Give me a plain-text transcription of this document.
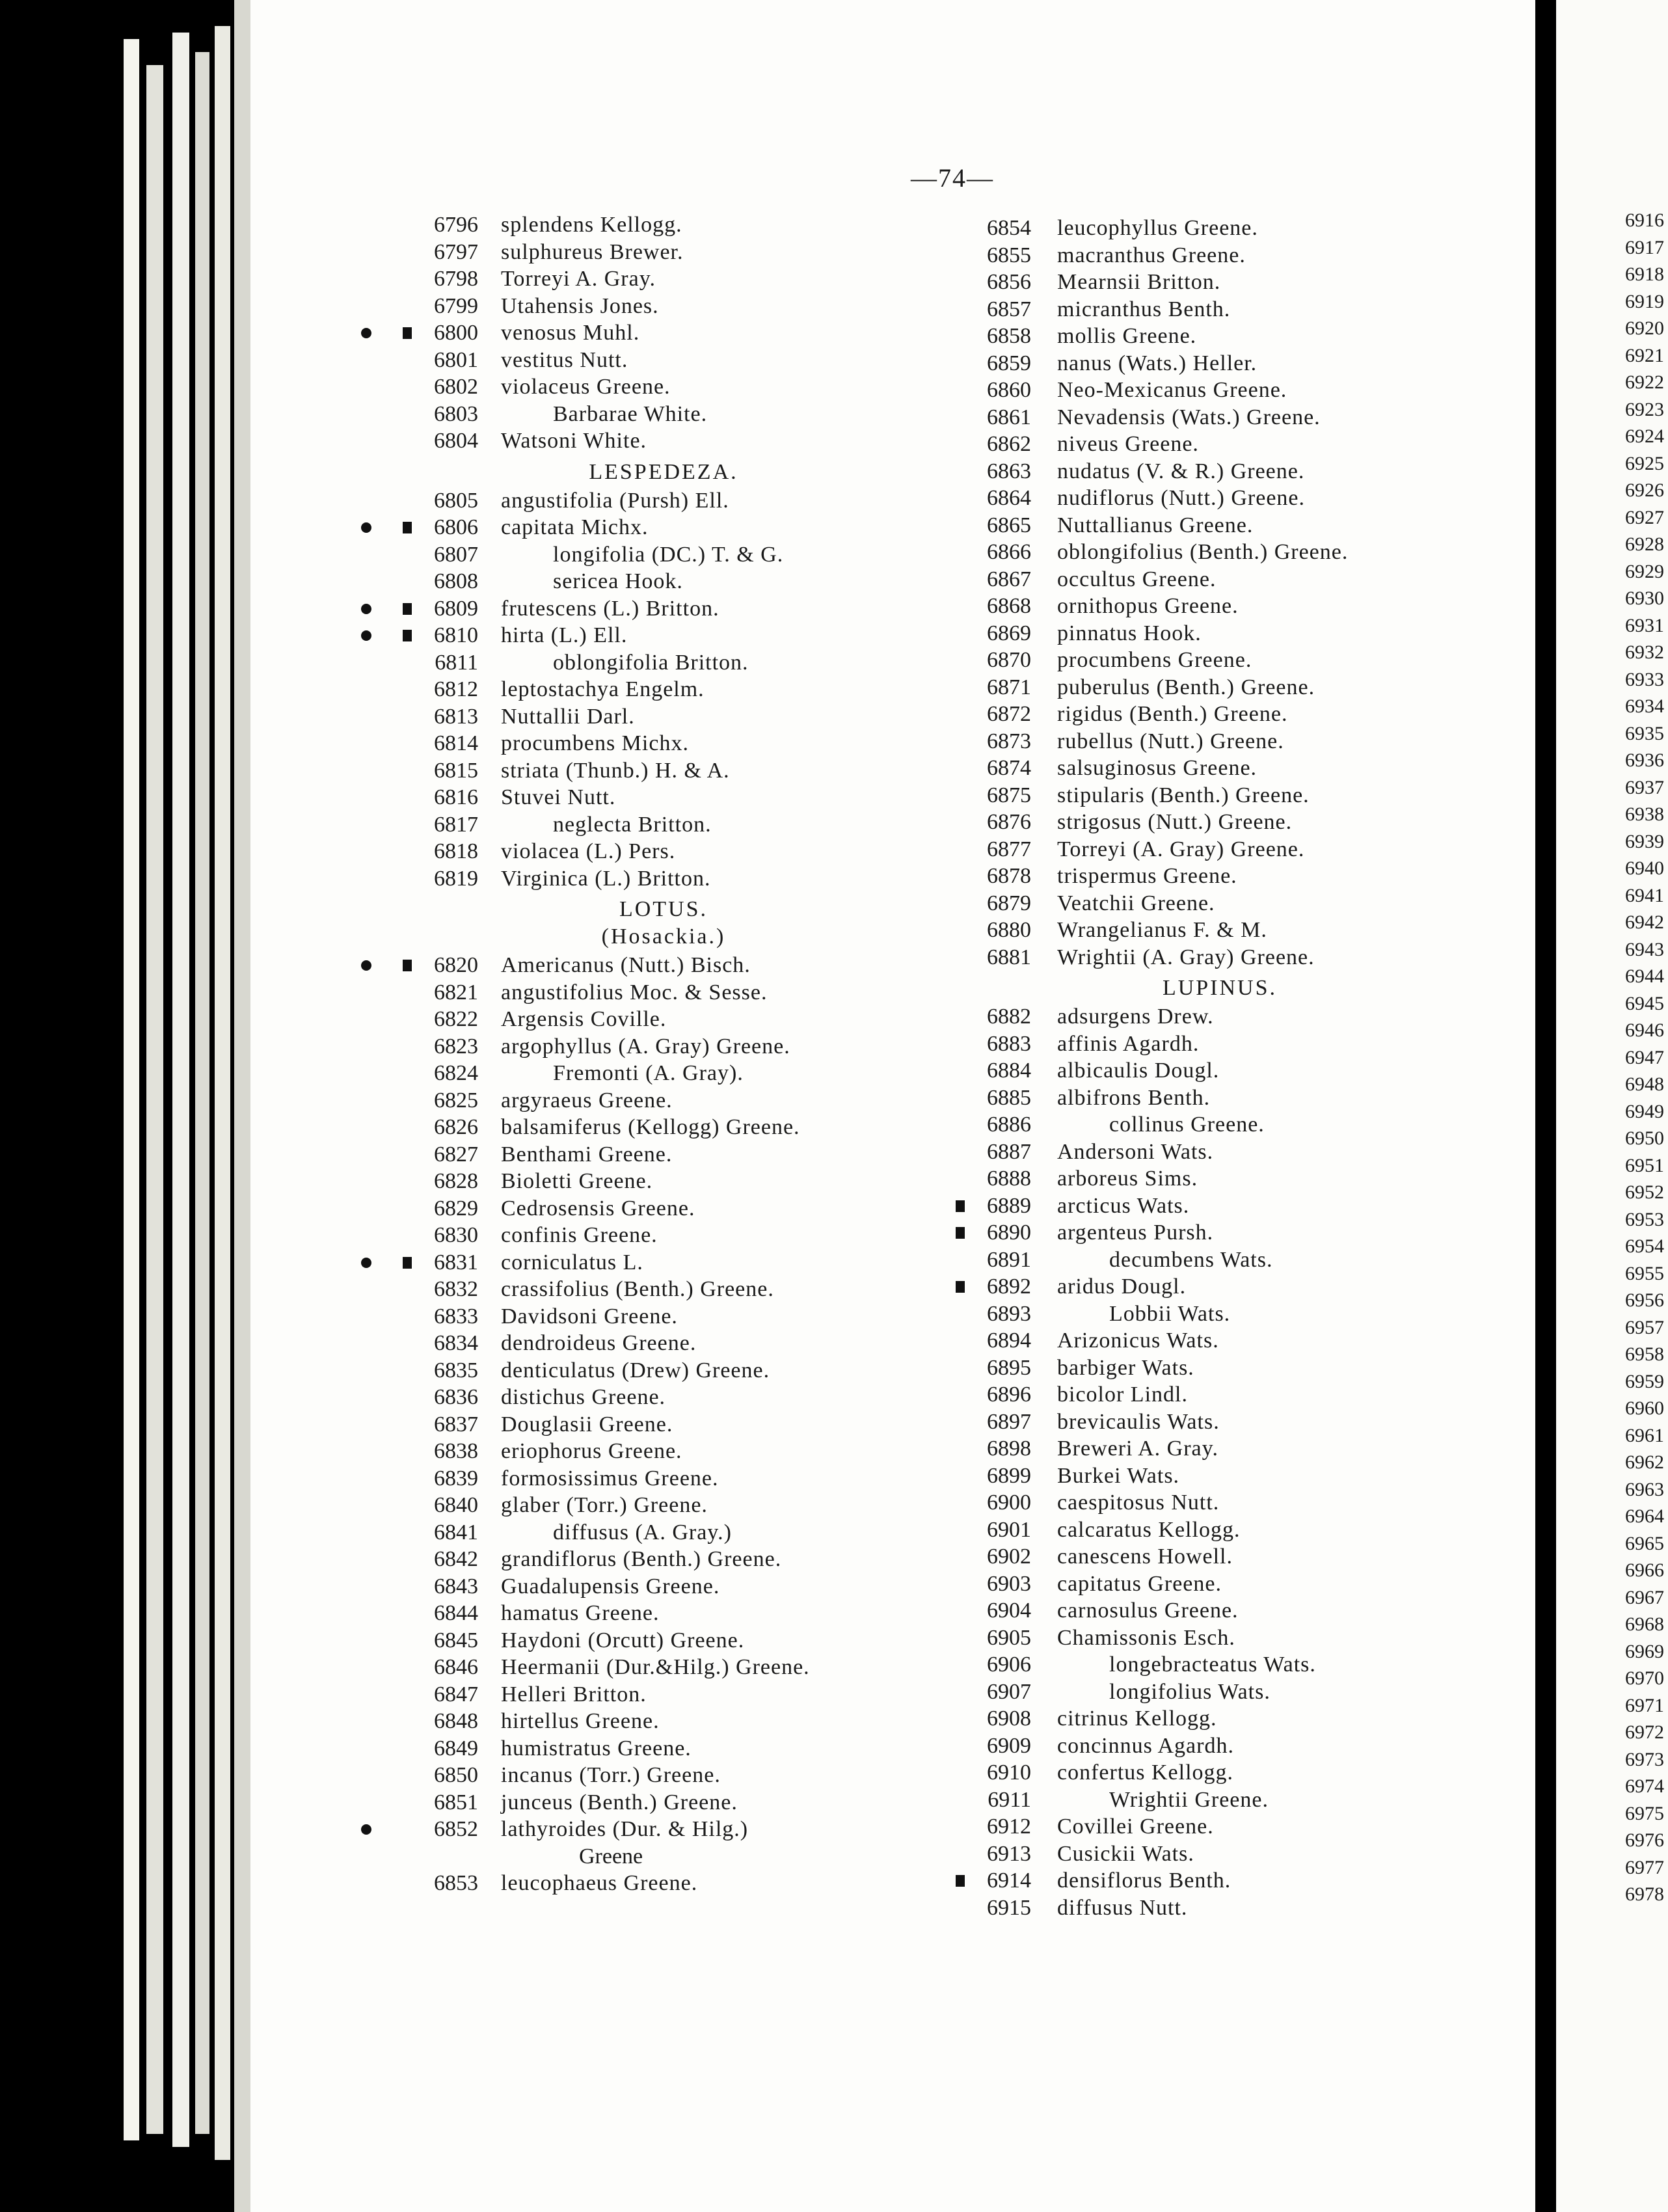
—74—
6796 splendens Kellogg.
6797 sulphureus Brewer.
6798 Torreyi A. Gray.
6799 Utahensis Jones.
6800 venosus Muhl.
6801 vestitus Nutt.
6802 violaceus Greene.
6803	Barbarae White.
6804 Watsoni White.
LESPEDEZA.
6805 angustifolia (Pursh) Ell.
6806 capitata Michx.
6807	longifolia (DC.) T. & G.
6808	sericea Hook.
6809 frutescens (L.) Britton.
6810 hirta (L.) Ell.
6811	oblongifolia Britton.
6812 leptostachya Engelm.
6813 Nuttallii Darl.
6814 procumbens Michx.
6815 striata (Thunb.) H. & A.
6816 Stuvei Nutt.
6817	neglecta Britton.
6818 violacea (L.) Pers.
6819 Virginica (L.) Britton.
LOTUS.
(Hosackia.)
6820 Americanus (Nutt.) Bisch.
6821 angustifolius Moc. & Sesse.
6822 Argensis Coville.
6823 argophyllus (A. Gray) Greene.
6824	Fremonti (A. Gray).
6825 argyraeus Greene.
6826 balsamiferus (Kellogg) Greene.
6827 Benthami Greene.
6828 Bioletti Greene.
6829 Cedrosensis Greene.
6830 confinis Greene.
6831 corniculatus L.
6832 crassifolius (Benth.) Greene.
6833 Davidsoni Greene.
6834 dendroideus Greene.
6835 denticulatus (Drew) Greene.
6836 distichus Greene.
6837 Douglasii Greene.
6838 eriophorus Greene.
6839 formosissimus Greene.
6840 glaber (Torr.) Greene.
6841	diffusus (A. Gray.)
6842 grandiflorus (Benth.) Greene.
6843 Guadalupensis Greene.
6844 hamatus Greene.
6845 Haydoni (Orcutt) Greene.
6846 Heermanii (Dur.&Hilg.) Greene.
6847 Helleri Britton.
6848 hirtellus Greene.
6849 humistratus Greene.
6850 incanus (Torr.) Greene.
6851 junceus (Benth.) Greene.
6852 lathyroides (Dur. & Hilg.)
Greene
6853 leucophaeus Greene.
6854 leucophyllus Greene.
6855 macranthus Greene.
6856 Mearnsii Britton.
6857 micranthus Benth.
6858 mollis Greene.
6859 nanus (Wats.) Heller.
6860 Neo-Mexicanus Greene.
6861 Nevadensis (Wats.) Greene.
6862 niveus Greene.
6863 nudatus (V. & R.) Greene.
6864 nudiflorus (Nutt.) Greene.
6865 Nuttallianus Greene.
6866 oblongifolius (Benth.) Greene.
6867 occultus Greene.
6868 ornithopus Greene.
6869 pinnatus Hook.
6870 procumbens Greene.
6871 puberulus (Benth.) Greene.
6872 rigidus (Benth.) Greene.
6873 rubellus (Nutt.) Greene.
6874 salsuginosus Greene.
6875 stipularis (Benth.) Greene.
6876 strigosus (Nutt.) Greene.
6877 Torreyi (A. Gray) Greene.
6878 trispermus Greene.
6879 Veatchii Greene.
6880 Wrangelianus F. & M.
6881 Wrightii (A. Gray) Greene.
LUPINUS.
6882 adsurgens Drew.
6883 affinis Agardh.
6884 albicaulis Dougl.
6885 albifrons Benth.
6886	collinus Greene.
6887 Andersoni Wats.
6888 arboreus Sims.
6889 arcticus Wats.
6890 argenteus Pursh.
6891	decumbens Wats.
6892 aridus Dougl.
6893	Lobbii Wats.
6894 Arizonicus Wats.
6895 barbiger Wats.
6896 bicolor Lindl.
6897 brevicaulis Wats.
6898 Breweri A. Gray.
6899 Burkei Wats.
6900 caespitosus Nutt.
6901 calcaratus Kellogg.
6902 canescens Howell.
6903 capitatus Greene.
6904 carnosulus Greene.
6905 Chamissonis Esch.
6906	longebracteatus Wats.
6907	longifolius Wats.
6908 citrinus Kellogg.
6909 concinnus Agardh.
6910 confertus Kellogg.
6911	Wrightii Greene.
6912 Covillei Greene.
6913 Cusickii Wats.
6914 densiflorus Benth.
6915 diffusus Nutt.
6916
6917
6918
6919
6920
6921
6922
6923
6924
6925
6926
6927
6928
6929
6930
6931
6932
6933
6934
6935
6936
6937
6938
6939
6940
6941
6942
6943
6944
6945
6946
6947
6948
6949
6950
6951
6952
6953
6954
6955
6956
6957
6958
6959
6960
6961
6962
6963
6964
6965
6966
6967
6968
6969
6970
6971
6972
6973
6974
6975
6976
6977
6978
